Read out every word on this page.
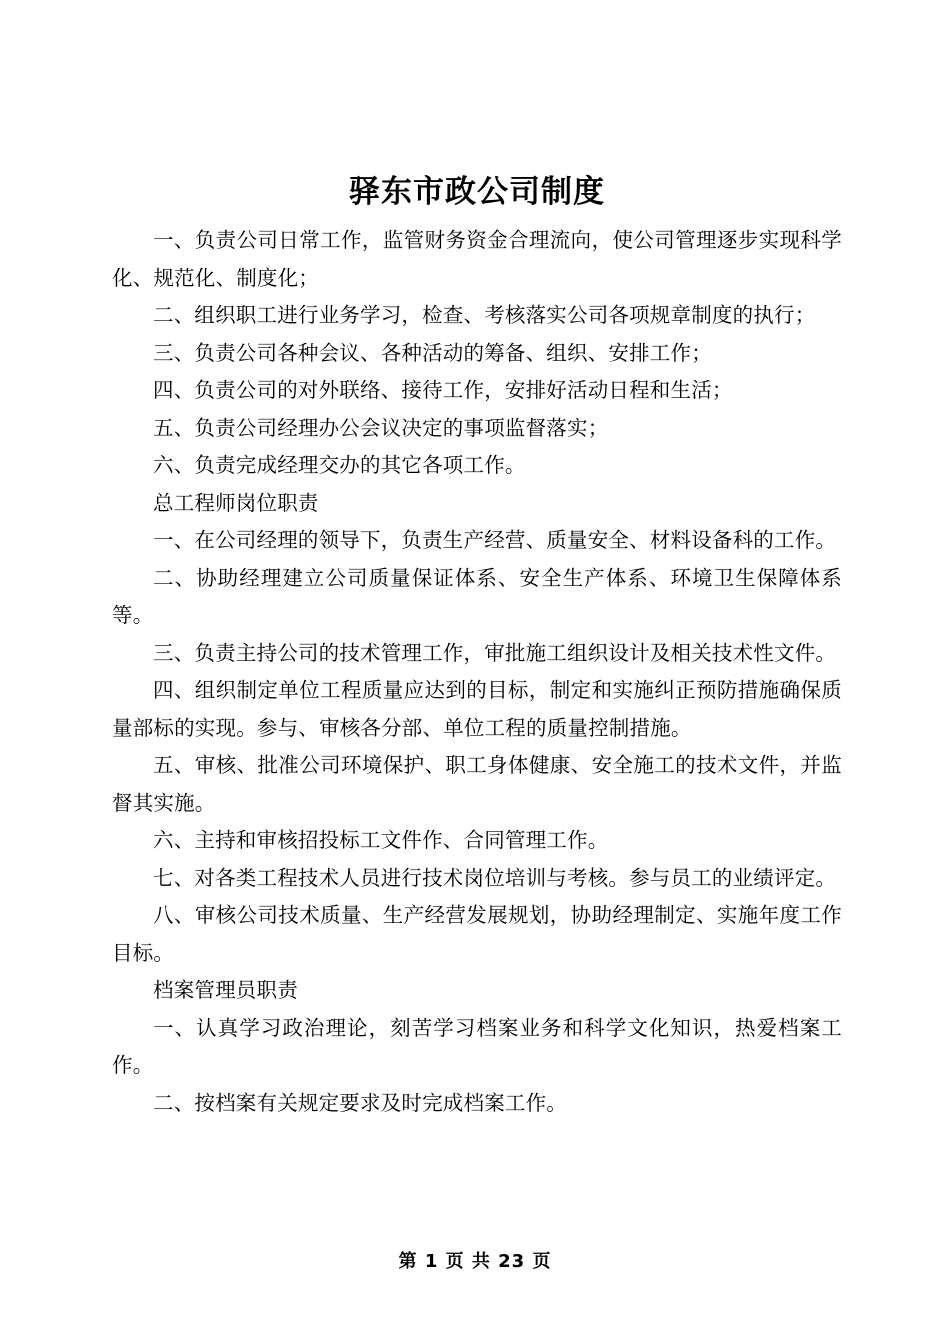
驿东市政公司制度

一、负责公司日常工作，监管财务资金合理流向，使公司管理逐步实现科学化、规范化、制度化；

二、组织职工进行业务学习，检查、考核落实公司各项规章制度的执行；

三、负责公司各种会议、各种活动的筹备、组织、安排工作；

四、负责公司的对外联络、接待工作，安排好活动日程和生活；

五、负责公司经理办公会议决定的事项监督落实；

六、负责完成经理交办的其它各项工作。

总工程师岗位职责

一、在公司经理的领导下，负责生产经营、质量安全、材料设备科的工作。

二、协助经理建立公司质量保证体系、安全生产体系、环境卫生保障体系等。

三、负责主持公司的技术管理工作，审批施工组织设计及相关技术性文件。

四、组织制定单位工程质量应达到的目标，制定和实施纠正预防措施确保质量部标的实现。参与、审核各分部、单位工程的质量控制措施。

五、审核、批准公司环境保护、职工身体健康、安全施工的技术文件，并监督其实施。

六、主持和审核招投标工文件作、合同管理工作。

七、对各类工程技术人员进行技术岗位培训与考核。参与员工的业绩评定。

八、审核公司技术质量、生产经营发展规划，协助经理制定、实施年度工作目标。

档案管理员职责

一、认真学习政治理论，刻苦学习档案业务和科学文化知识，热爱档案工作。

二、按档案有关规定要求及时完成档案工作。

第 1 页 共 23 页
